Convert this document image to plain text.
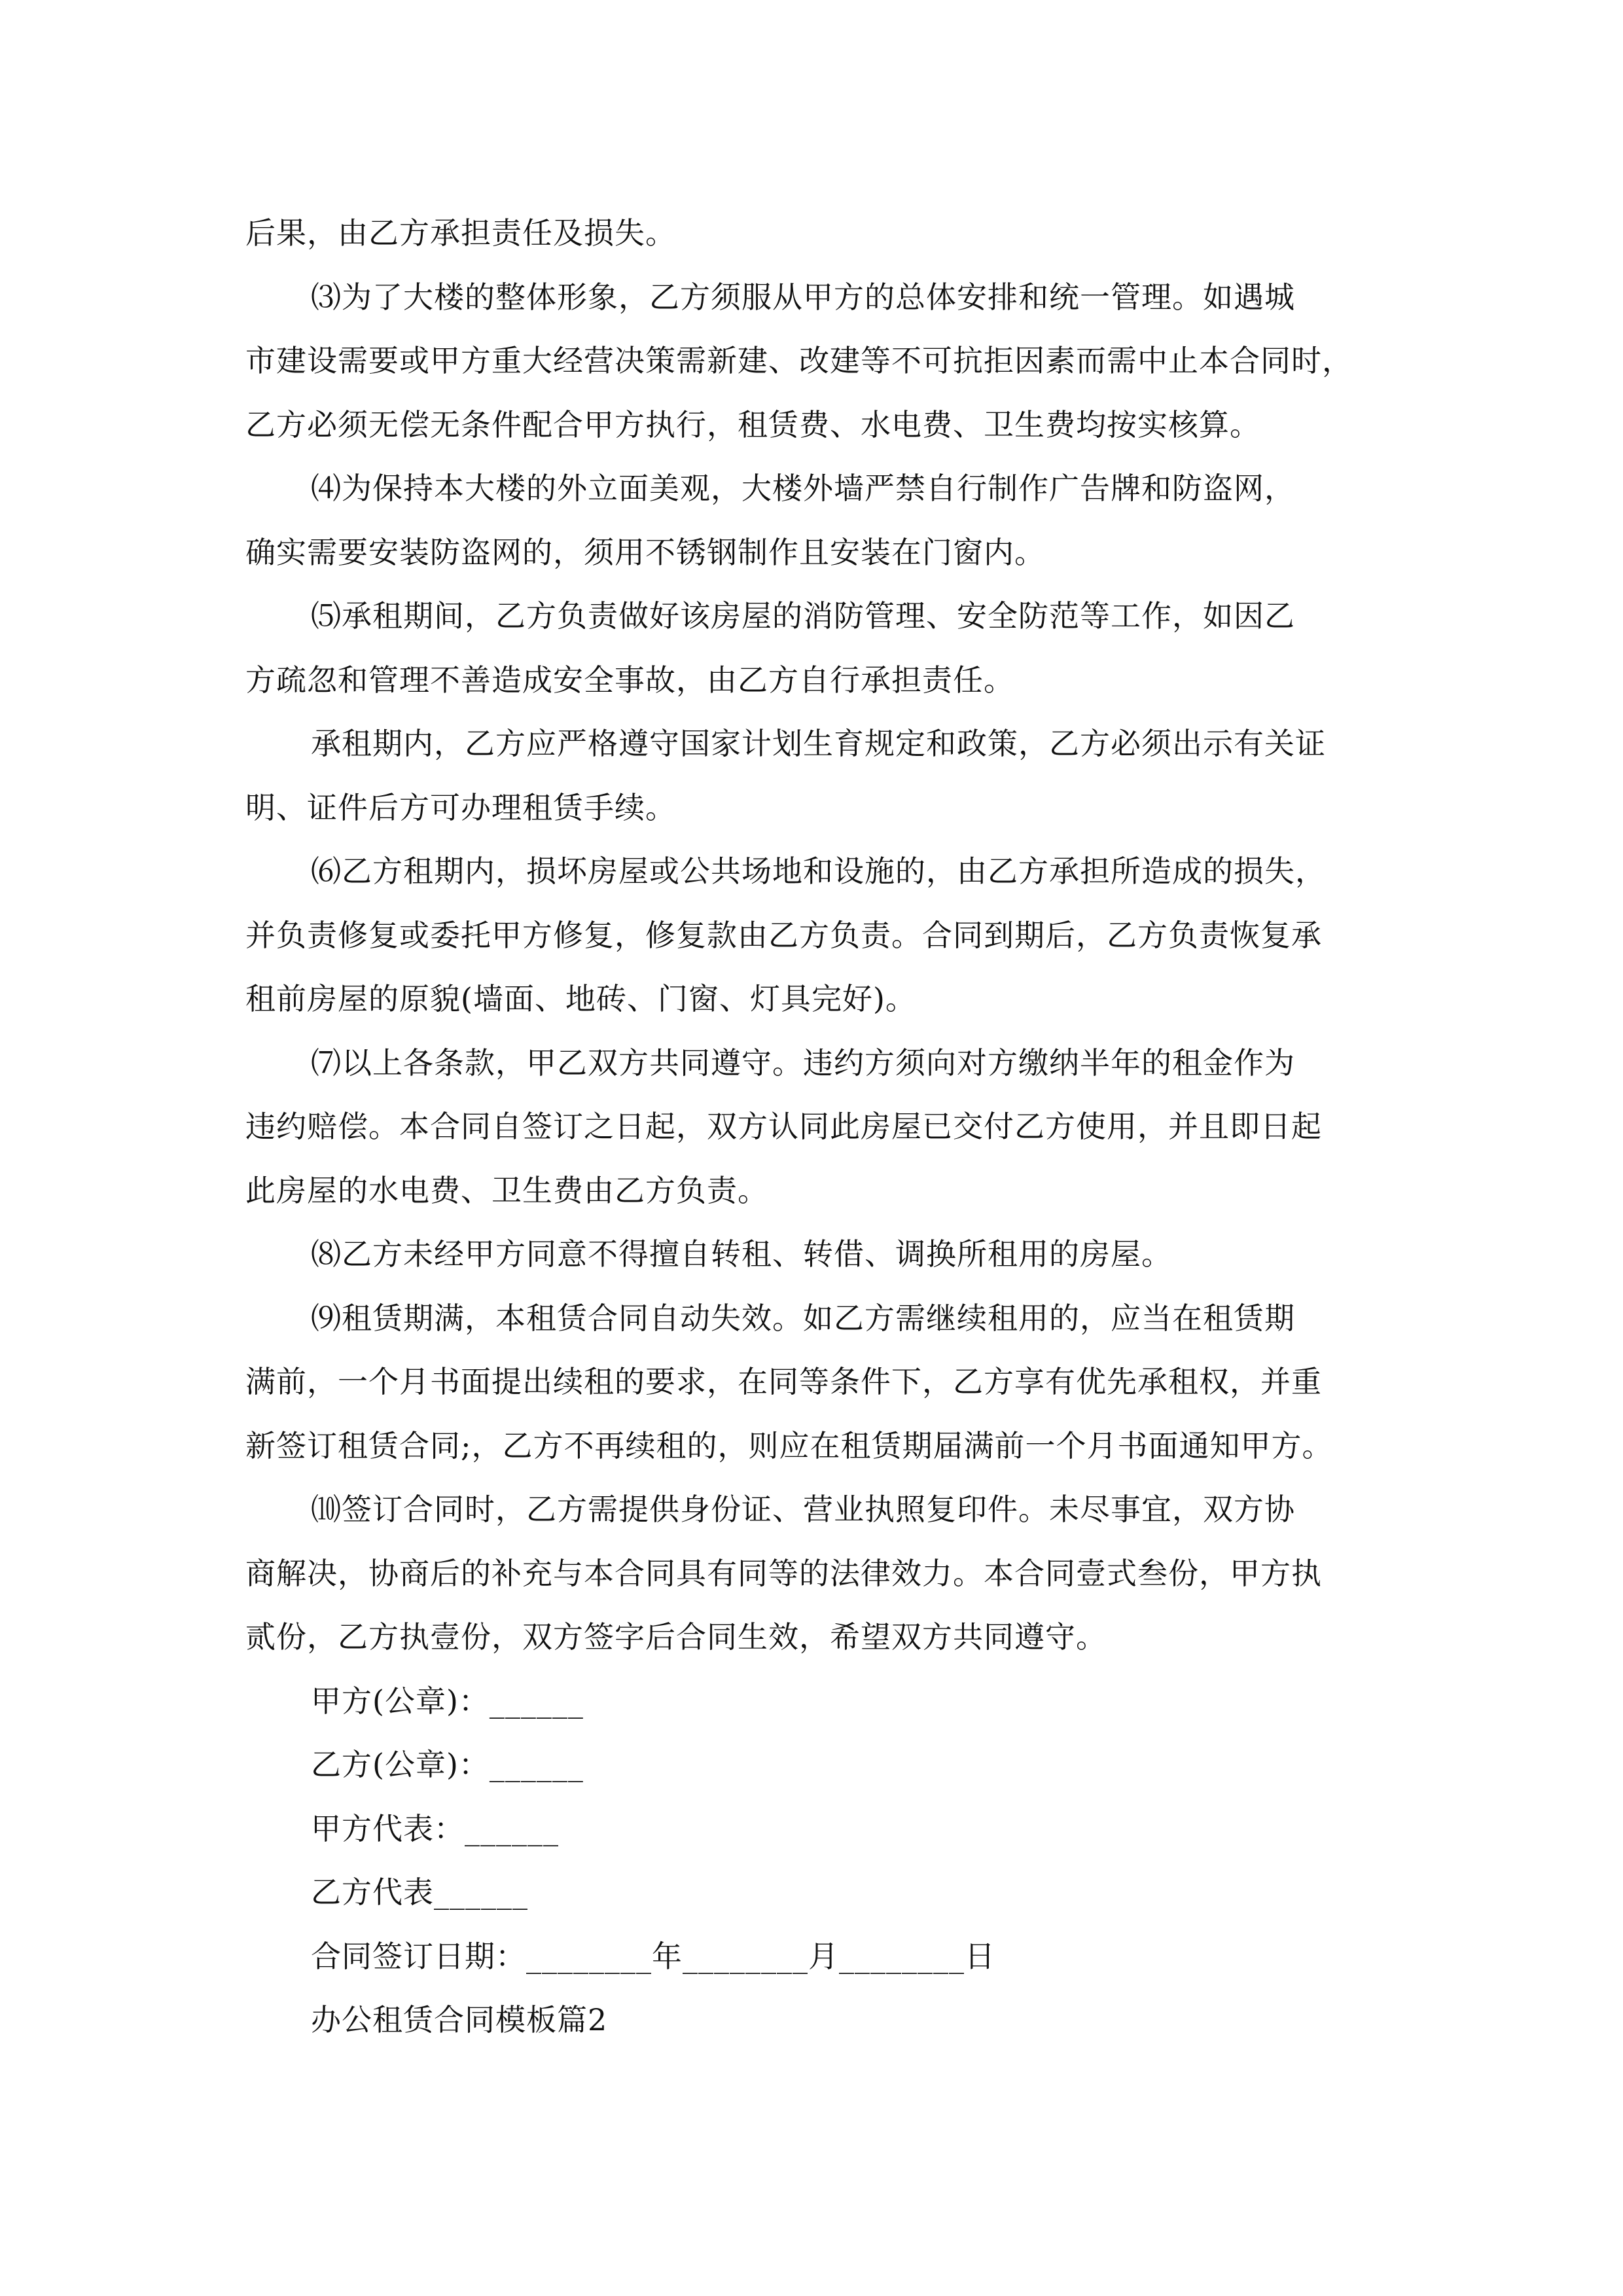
后果，由乙方承担责任及损失。
⑶为了大楼的整体形象，乙方须服从甲方的总体安排和统一管理。如遇城
市建设需要或甲方重大经营决策需新建、改建等不可抗拒因素而需中止本合同时，
乙方必须无偿无条件配合甲方执行，租赁费、水电费、卫生费均按实核算。
⑷为保持本大楼的外立面美观，大楼外墙严禁自行制作广告牌和防盗网，
确实需要安装防盗网的，须用不锈钢制作且安装在门窗内。
⑸承租期间，乙方负责做好该房屋的消防管理、安全防范等工作，如因乙
方疏忽和管理不善造成安全事故，由乙方自行承担责任。
承租期内，乙方应严格遵守国家计划生育规定和政策，乙方必须出示有关证
明、证件后方可办理租赁手续。
⑹乙方租期内，损坏房屋或公共场地和设施的，由乙方承担所造成的损失，
并负责修复或委托甲方修复，修复款由乙方负责。合同到期后，乙方负责恢复承
租前房屋的原貌(墙面、地砖、门窗、灯具完好)。
⑺以上各条款，甲乙双方共同遵守。违约方须向对方缴纳半年的租金作为
违约赔偿。本合同自签订之日起，双方认同此房屋已交付乙方使用，并且即日起
此房屋的水电费、卫生费由乙方负责。
⑻乙方未经甲方同意不得擅自转租、转借、调换所租用的房屋。
⑼租赁期满，本租赁合同自动失效。如乙方需继续租用的，应当在租赁期
满前，一个月书面提出续租的要求，在同等条件下，乙方享有优先承租权，并重
新签订租赁合同;，乙方不再续租的，则应在租赁期届满前一个月书面通知甲方。
⑽签订合同时，乙方需提供身份证、营业执照复印件。未尽事宜，双方协
商解决，协商后的补充与本合同具有同等的法律效力。本合同壹式叁份，甲方执
贰份，乙方执壹份，双方签字后合同生效，希望双方共同遵守。
甲方(公章)：______
乙方(公章)：______
甲方代表：______
乙方代表______
合同签订日期：________年________月________日
办公租赁合同模板篇2
